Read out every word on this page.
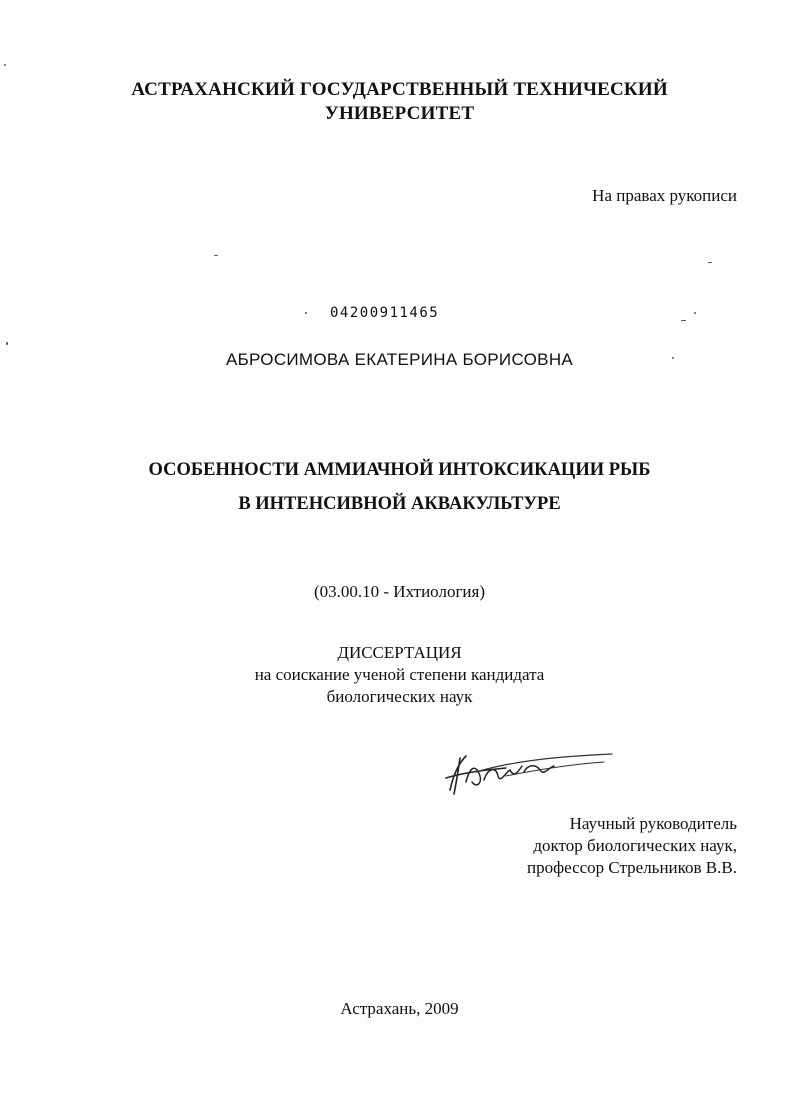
АСТРАХАНСКИЙ ГОСУДАРСТВЕННЫЙ ТЕХНИЧЕСКИЙ
УНИВЕРСИТЕТ
На правах рукописи
04200911465
АБРОСИМОВА ЕКАТЕРИНА БОРИСОВНА
ОСОБЕННОСТИ АММИАЧНОЙ ИНТОКСИКАЦИИ РЫБ
В ИНТЕНСИВНОЙ АКВАКУЛЬТУРЕ
(03.00.10 - Ихтиология)
ДИССЕРТАЦИЯ
на соискание ученой степени кандидата
биологических наук
Научный руководитель
доктор биологических наук,
профессор Стрельников В.В.
Астрахань, 2009
